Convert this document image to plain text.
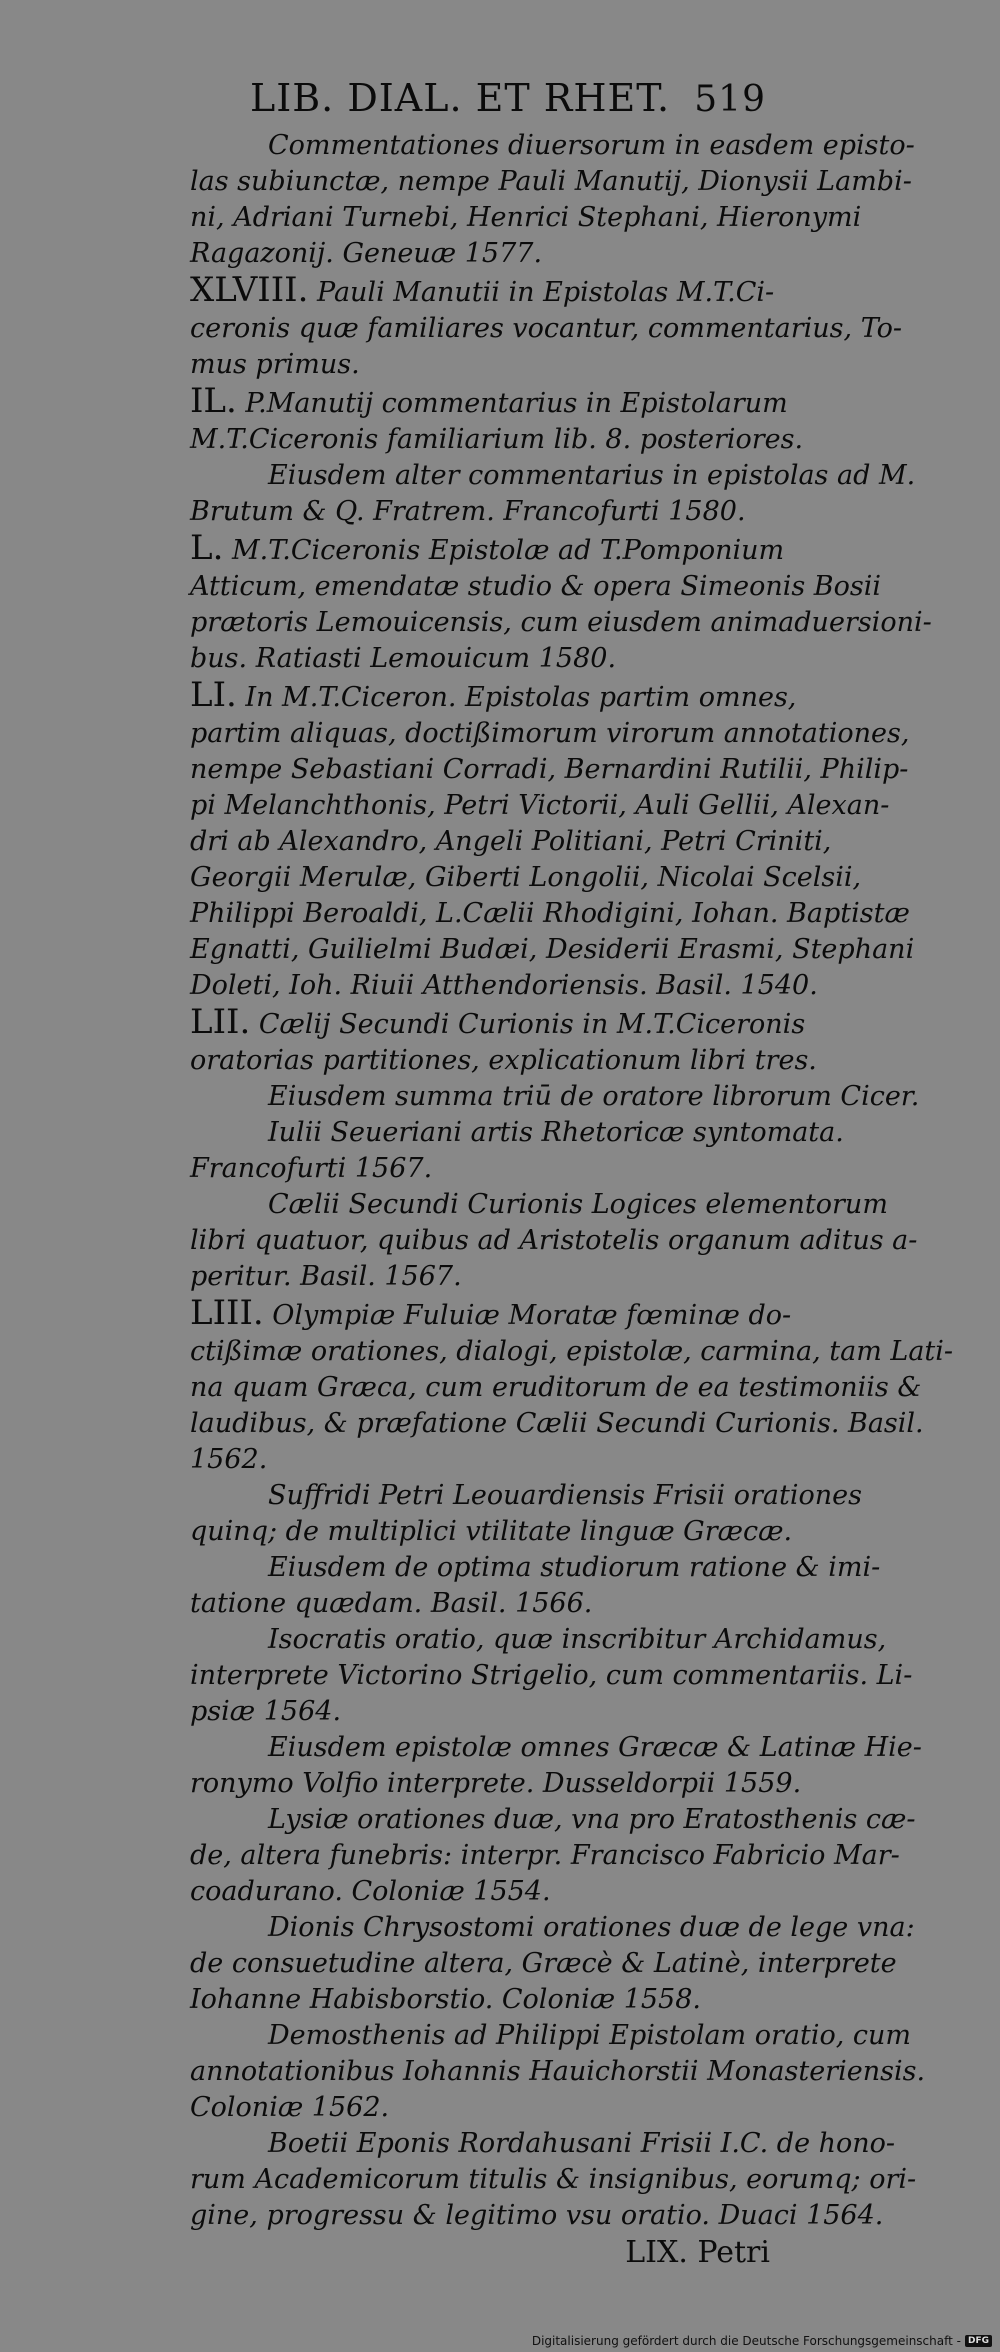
LIB. DIAL. ET RHET. 519
Commentationes diuersorum in easdem episto-
las subiunctæ, nempe Pauli Manutij, Dionysii Lambi-
ni, Adriani Turnebi, Henrici Stephani, Hieronymi
Ragazonij. Geneuæ 1577.
XLVIII. Pauli Manutii in Epistolas M.T.Ci-
ceronis quæ familiares vocantur, commentarius, To-
mus primus.
IL. P.Manutij commentarius in Epistolarum
M.T.Ciceronis familiarium lib. 8. posteriores.
Eiusdem alter commentarius in epistolas ad M.
Brutum & Q. Fratrem. Francofurti 1580.
L. M.T.Ciceronis Epistolæ ad T.Pomponium
Atticum, emendatæ studio & opera Simeonis Bosii
prætoris Lemouicensis, cum eiusdem animaduersioni-
bus. Ratiasti Lemouicum 1580.
LI. In M.T.Ciceron. Epistolas partim omnes,
partim aliquas, doctißimorum virorum annotationes,
nempe Sebastiani Corradi, Bernardini Rutilii, Philip-
pi Melanchthonis, Petri Victorii, Auli Gellii, Alexan-
dri ab Alexandro, Angeli Politiani, Petri Criniti,
Georgii Merulæ, Giberti Longolii, Nicolai Scelsii,
Philippi Beroaldi, L.Cælii Rhodigini, Iohan. Baptistæ
Egnatti, Guilielmi Budæi, Desiderii Erasmi, Stephani
Doleti, Ioh. Riuii Atthendoriensis. Basil. 1540.
LII. Cælij Secundi Curionis in M.T.Ciceronis
oratorias partitiones, explicationum libri tres.
Eiusdem summa triū de oratore librorum Cicer.
Iulii Seueriani artis Rhetoricæ syntomata.
Francofurti 1567.
Cælii Secundi Curionis Logices elementorum
libri quatuor, quibus ad Aristotelis organum aditus a-
peritur. Basil. 1567.
LIII. Olympiæ Fuluiæ Moratæ fœminæ do-
ctißimæ orationes, dialogi, epistolæ, carmina, tam Lati-
na quam Græca, cum eruditorum de ea testimoniis &
laudibus, & præfatione Cælii Secundi Curionis. Basil.
1562.
Suffridi Petri Leouardiensis Frisii orationes
quinq; de multiplici vtilitate linguæ Græcæ.
Eiusdem de optima studiorum ratione & imi-
tatione quædam. Basil. 1566.
Isocratis oratio, quæ inscribitur Archidamus,
interprete Victorino Strigelio, cum commentariis. Li-
psiæ 1564.
Eiusdem epistolæ omnes Græcæ & Latinæ Hie-
ronymo Volfio interprete. Dusseldorpii 1559.
Lysiæ orationes duæ, vna pro Eratosthenis cæ-
de, altera funebris: interpr. Francisco Fabricio Mar-
coadurano. Coloniæ 1554.
Dionis Chrysostomi orationes duæ de lege vna:
de consuetudine altera, Græcè & Latinè, interprete
Iohanne Habisborstio. Coloniæ 1558.
Demosthenis ad Philippi Epistolam oratio, cum
annotationibus Iohannis Hauichorstii Monasteriensis.
Coloniæ 1562.
Boetii Eponis Rordahusani Frisii I.C. de hono-
rum Academicorum titulis & insignibus, eorumq; ori-
gine, progressu & legitimo vsu oratio. Duaci 1564.
LIX. Petri
Digitalisierung gefördert durch die Deutsche Forschungsgemeinschaft - DFG
